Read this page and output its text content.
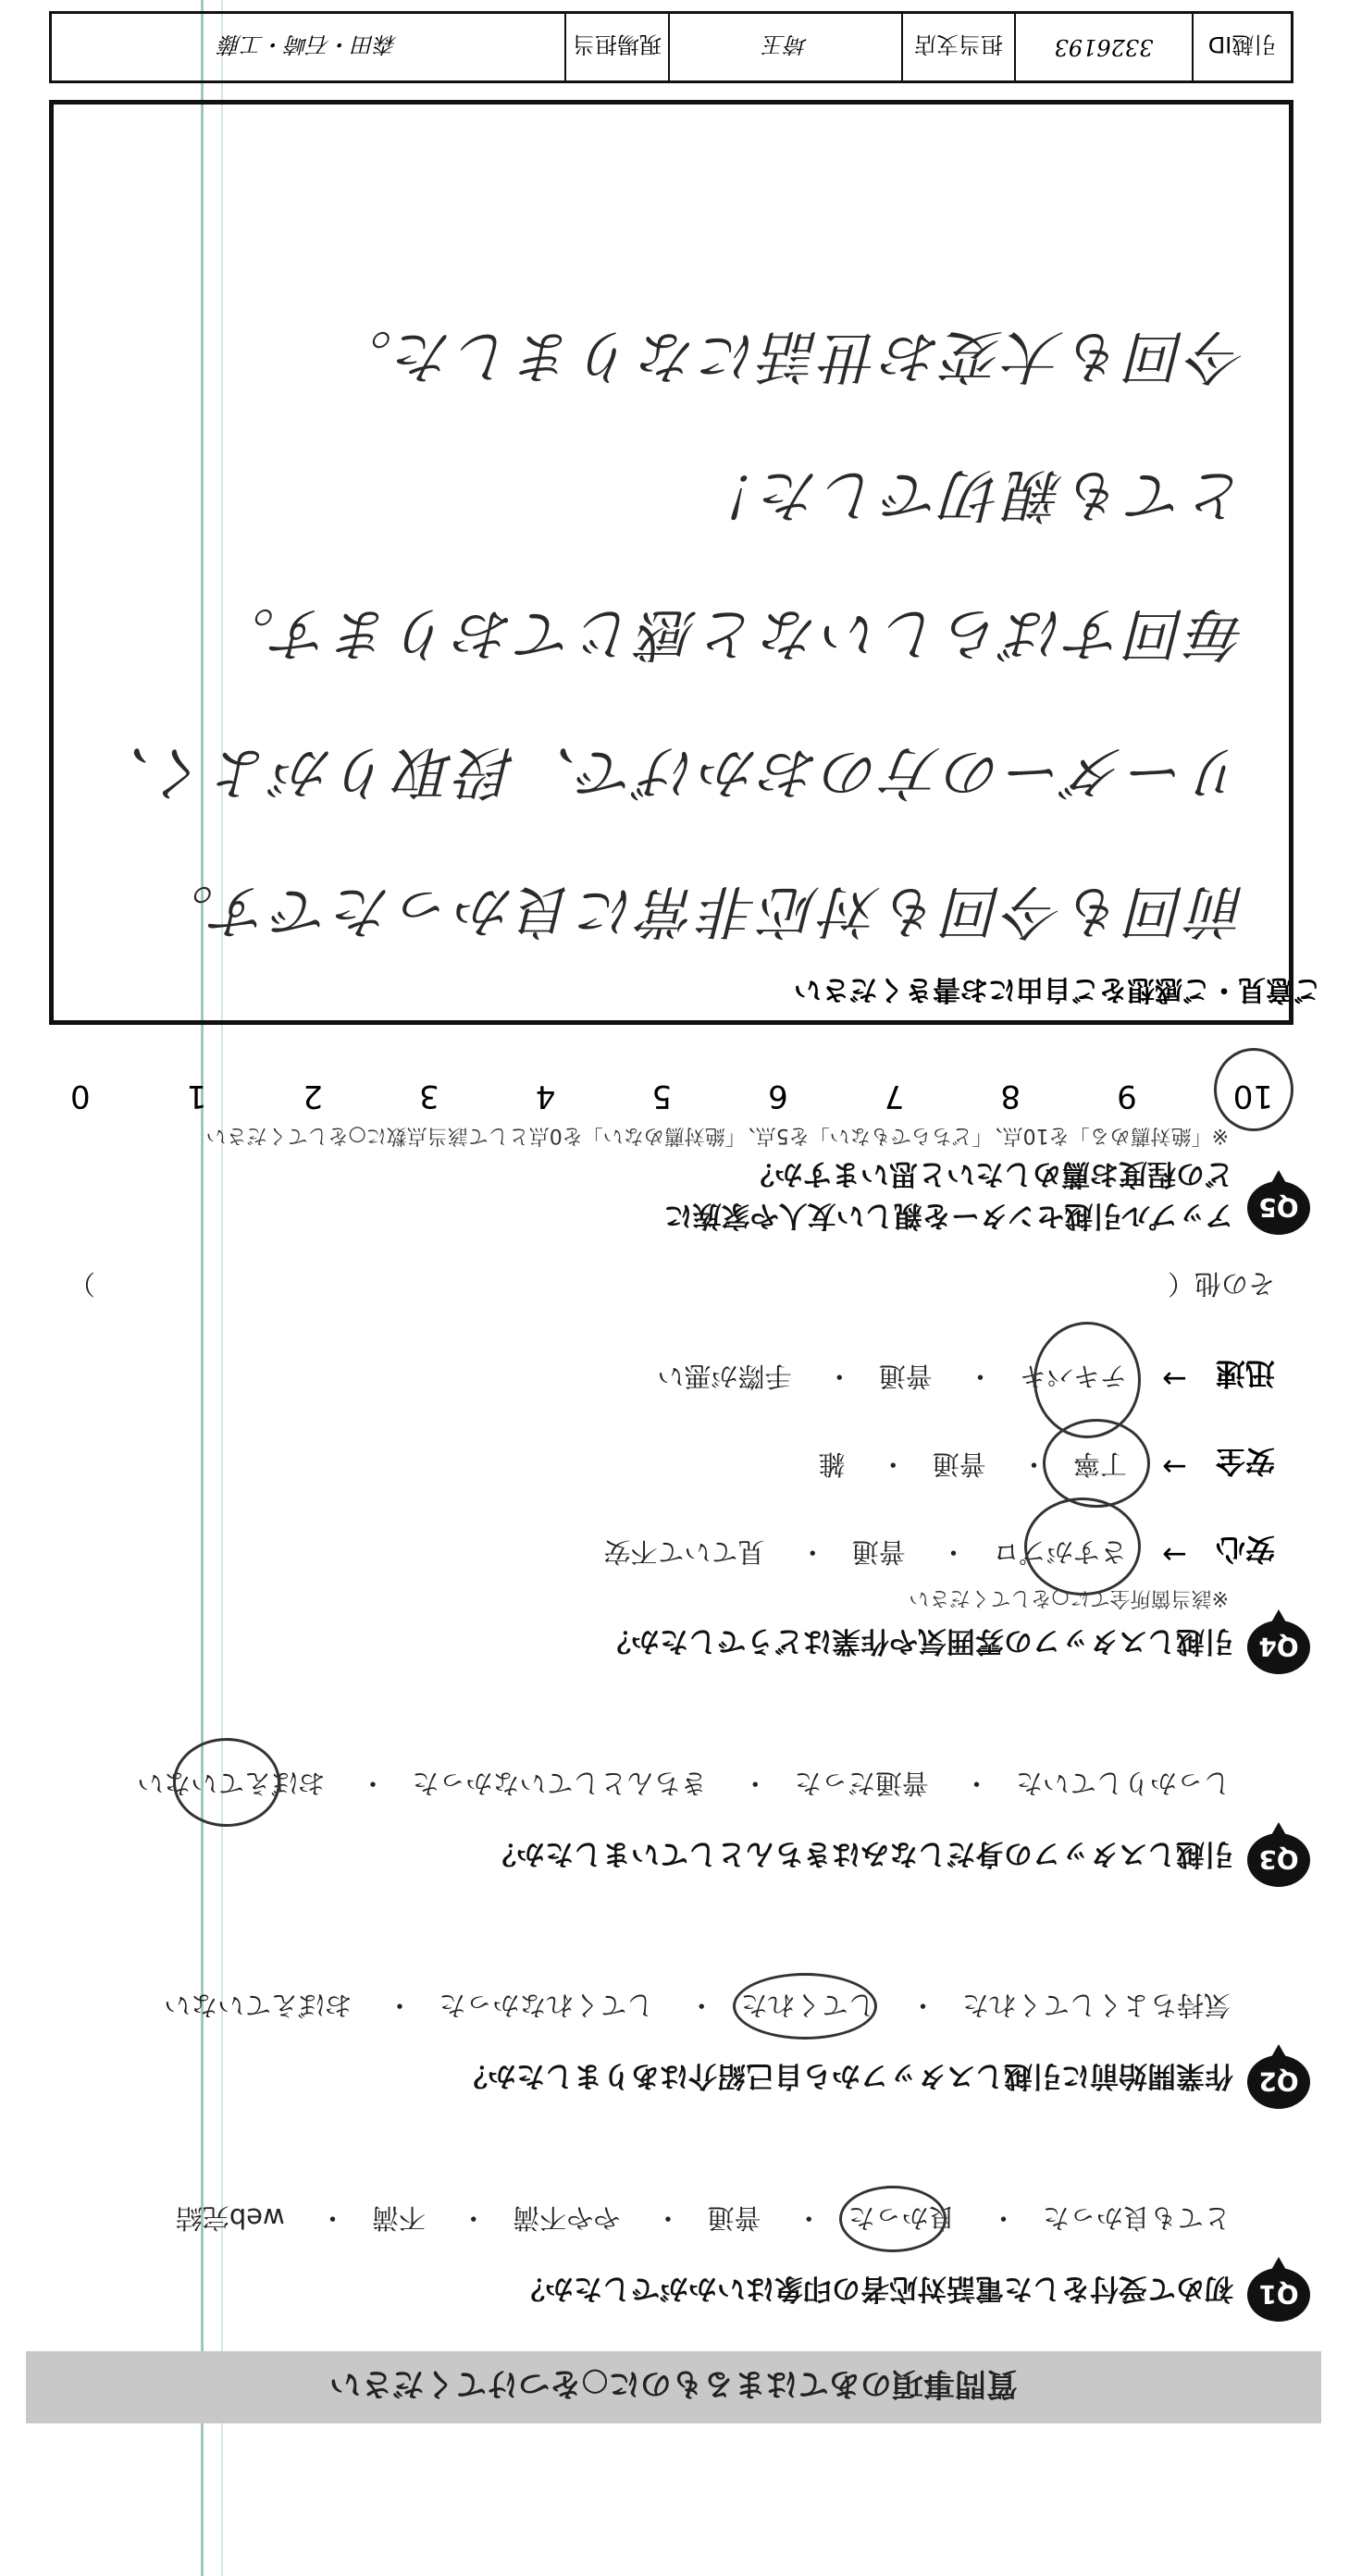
質問事項のあてはまるものに○をつけてください
Q1
初めて受付をした電話対応者の印象はいかがでしたか？
とても良かった・ 良かった・ 普通・ やや不満・ 不満・ web完結
Q2
作業開始前に引越しスタッフから自己紹介はありましたか？
気持ちよくしてくれた・ してくれた・ してくれなかった・ おぼえていない
Q3
引越しスタッフの身だしなみはきちんとしていましたか？
しっかりしていた・ 普通だった・ きちんとしていなかった・ おぼえていない
Q4
引越しスタッフの雰囲気や作業はどうでしたか？
※該当箇所全てに○をしてください
安心
→
さすがプロ・ 普通・ 見ていて不安
安全
→
丁寧・ 普通・ 雑
迅速
→
テキパキ・ 普通・ 手際が悪い
その他（
）
Q5
アップル引越センターを親しい友人や家族に
どの程度お薦めしたいと思いますか？
※「絶対薦める」を10点、「どちらでもない」を5点、「絶対薦めない」を0点として該当点数に○をしてください
10
9
8
7
6
5
4
3
2
1
0
ご意見・ご感想をご自由にお書きください
前回も今回も対応非常に良かったです。
リーダーの方のおかげで、段取りがよく、
毎回すばらしいなと感じております。
とても親切でした！
今回も大変お世話になりました。
引越ID
3326193
担当支店
埼玉
現場担当
森田・石崎・工藤
